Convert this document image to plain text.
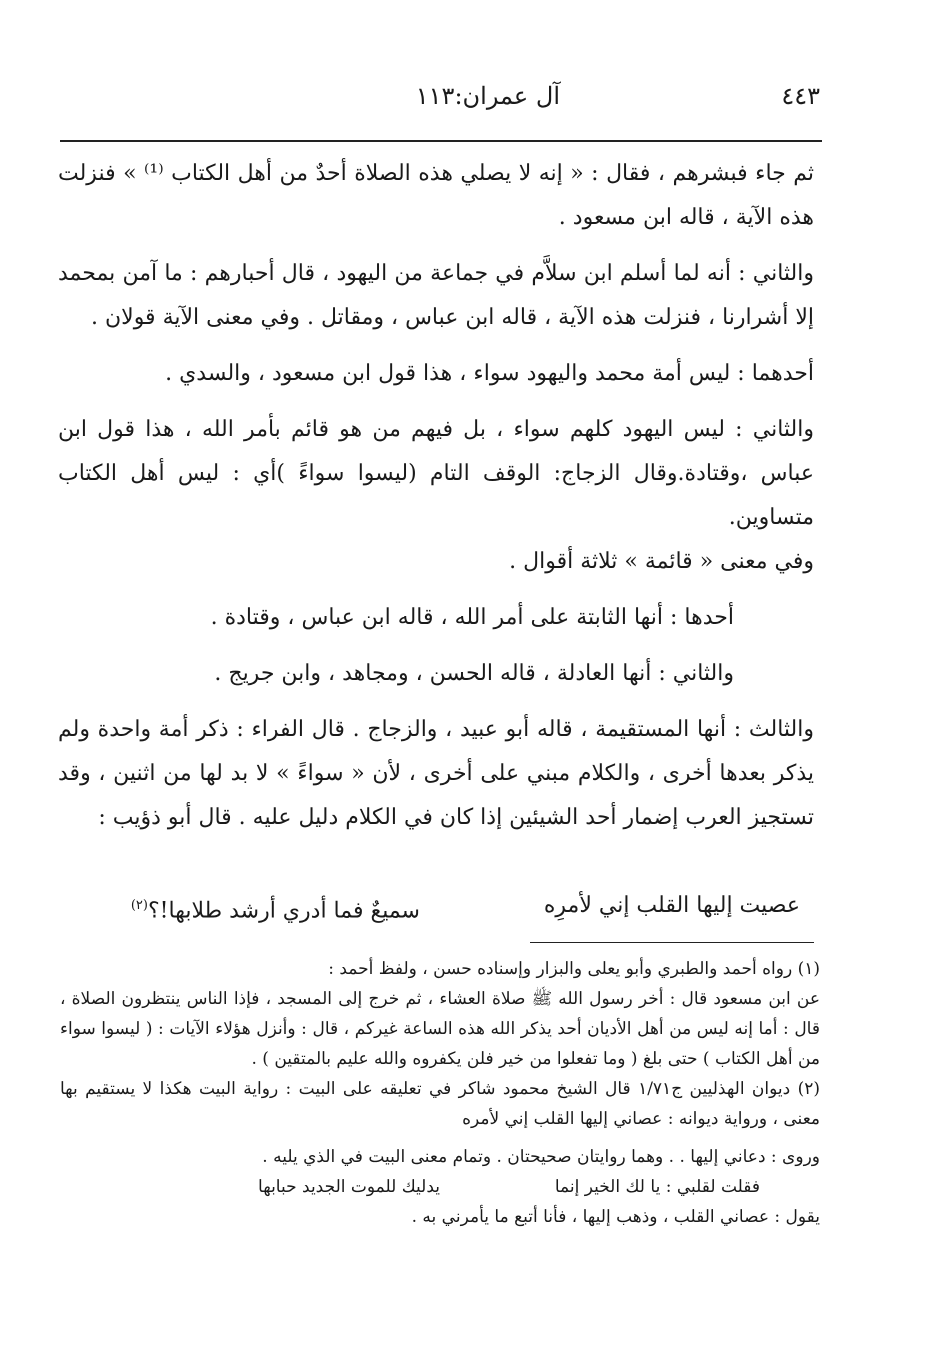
٤٤٣
آل عمران:١١٣

ثم جاء فبشرهم ، فقال : « إنه لا يصلي هذه الصلاة أحدٌ من أهل الكتاب ⁽¹⁾ » فنزلت هذه الآية ، قاله ابن مسعود .

والثاني : أنه لما أسلم ابن سلاَّم في جماعة من اليهود ، قال أحبارهم : ما آمن بمحمد إلا أشرارنا ، فنزلت هذه الآية ، قاله ابن عباس ، ومقاتل . وفي معنى الآية قولان .

أحدهما : ليس أمة محمد واليهود سواء ، هذا قول ابن مسعود ، والسدي .

والثاني : ليس اليهود كلهم سواء ، بل فيهم من هو قائم بأمر الله ، هذا قول ابن عباس ،وقتادة.وقال الزجاج: الوقف التام (ليسوا سواءً )أي : ليس أهل الكتاب متساوين.

وفي معنى « قائمة » ثلاثة أقوال .

أحدها : أنها الثابتة على أمر الله ، قاله ابن عباس ، وقتادة .

والثاني : أنها العادلة ، قاله الحسن ، ومجاهد ، وابن جريج .

والثالث : أنها المستقيمة ، قاله أبو عبيد ، والزجاج . قال الفراء : ذكر أمة واحدة ولم يذكر بعدها أخرى ، والكلام مبني على أخرى ، لأن « سواءً » لا بد لها من اثنين ، وقد تستجيز العرب إضمار أحد الشيئين إذا كان في الكلام دليل عليه . قال أبو ذؤيب :

عصيت إليها القلب إني لأمرِه
سميعٌ فما أدري أرشد طلابها!؟$^{(٢)}$

(١) رواه أحمد والطبري وأبو يعلى والبزار وإسناده حسن ، ولفظ أحمد :

عن ابن مسعود قال : أخر رسول الله ﷺ صلاة العشاء ، ثم خرج إلى المسجد ، فإذا الناس ينتظرون الصلاة ، قال : أما إنه ليس من أهل الأديان أحد يذكر الله هذه الساعة غيركم ، قال : وأنزل هؤلاء الآيات : ( ليسوا سواء من أهل الكتاب ) حتى بلغ ( وما تفعلوا من خير فلن يكفروه والله عليم بالمتقين ) .

(٢) ديوان الهذليين ج١/٧١ قال الشيخ محمود شاكر في تعليقه على البيت : رواية البيت هكذا لا يستقيم بها معنى ، ورواية ديوانه : عصاني إليها القلب إني لأمره

وروى : دعاني إليها . . وهما روايتان صحيحتان . وتمام معنى البيت في الذي يليه .

فقلت لقلبي : يا لك الخير إنما
يدليك للموت الجديد حبابها

يقول : عصاني القلب ، وذهب إليها ، فأنا أتبع ما يأمرني به .
